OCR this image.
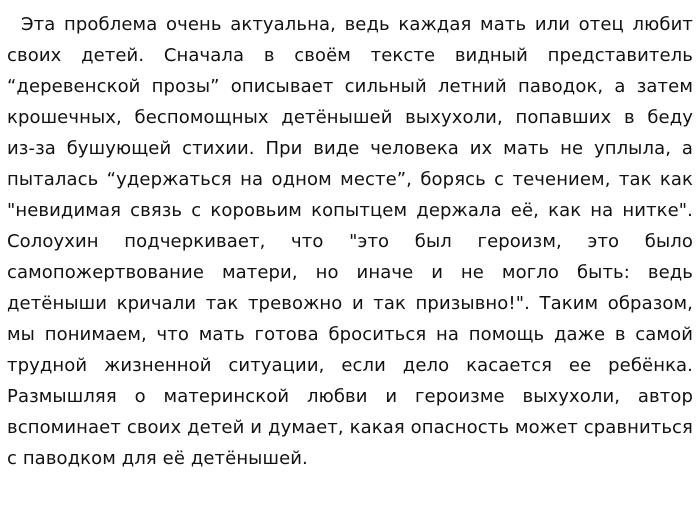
Эта проблема очень актуальна, ведь каждая мать или отец любит
своих детей. Сначала в своём тексте видный представитель
“деревенской прозы” описывает сильный летний паводок, а затем
крошечных, беспомощных детёнышей выхухоли, попавших в беду
из-за бушующей стихии. При виде человека их мать не уплыла, а
пыталась “удержаться на одном месте”, борясь с течением, так как
"невидимая связь с коровьим копытцем держала её, как на нитке".
Солоухин подчеркивает, что "это был героизм, это было
самопожертвование матери, но иначе и не могло быть: ведь
детёныши кричали так тревожно и так призывно!". Таким образом,
мы понимаем, что мать готова броситься на помощь даже в самой
трудной жизненной ситуации, если дело касается ее ребёнка.
Размышляя о материнской любви и героизме выхухоли, автор
вспоминает своих детей и думает, какая опасность может сравниться
с паводком для её детёнышей.
